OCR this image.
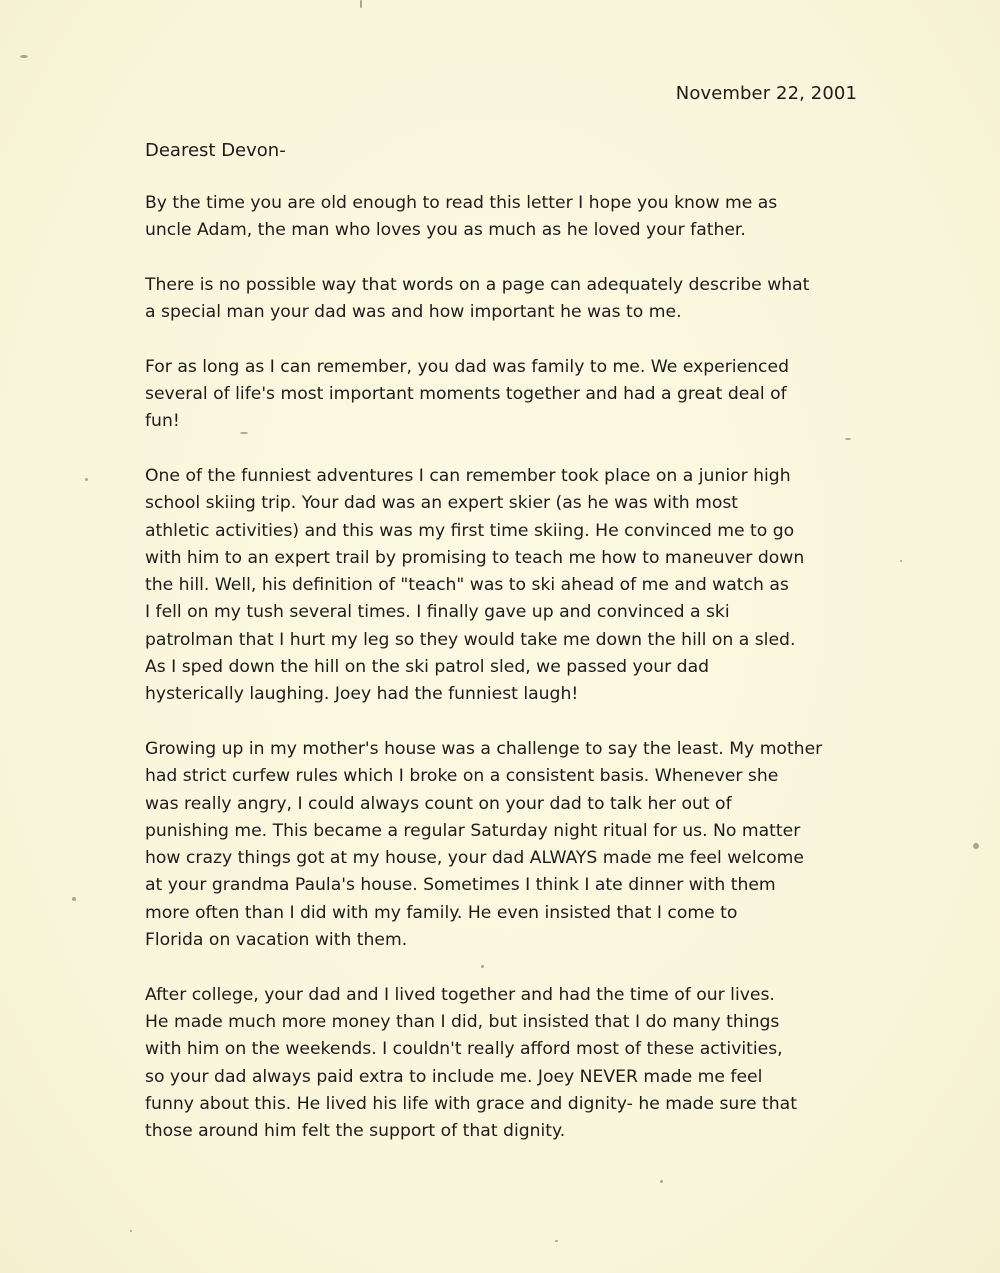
November 22, 2001
Dearest Devon-

By the time you are old enough to read this letter I hope you know me as
uncle Adam, the man who loves you as much as he loved your father.

There is no possible way that words on a page can adequately describe what
a special man your dad was and how important he was to me.

For as long as I can remember, you dad was family to me. We experienced
several of life's most important moments together and had a great deal of
fun!

One of the funniest adventures I can remember took place on a junior high
school skiing trip. Your dad was an expert skier (as he was with most
athletic activities) and this was my first time skiing. He convinced me to go
with him to an expert trail by promising to teach me how to maneuver down
the hill. Well, his definition of "teach" was to ski ahead of me and watch as
I fell on my tush several times. I finally gave up and convinced a ski
patrolman that I hurt my leg so they would take me down the hill on a sled.
As I sped down the hill on the ski patrol sled, we passed your dad
hysterically laughing. Joey had the funniest laugh!

Growing up in my mother's house was a challenge to say the least. My mother
had strict curfew rules which I broke on a consistent basis. Whenever she
was really angry, I could always count on your dad to talk her out of
punishing me. This became a regular Saturday night ritual for us. No matter
how crazy things got at my house, your dad ALWAYS made me feel welcome
at your grandma Paula's house. Sometimes I think I ate dinner with them
more often than I did with my family. He even insisted that I come to
Florida on vacation with them.

After college, your dad and I lived together and had the time of our lives.
He made much more money than I did, but insisted that I do many things
with him on the weekends. I couldn't really afford most of these activities,
so your dad always paid extra to include me. Joey NEVER made me feel
funny about this. He lived his life with grace and dignity- he made sure that
those around him felt the support of that dignity.
